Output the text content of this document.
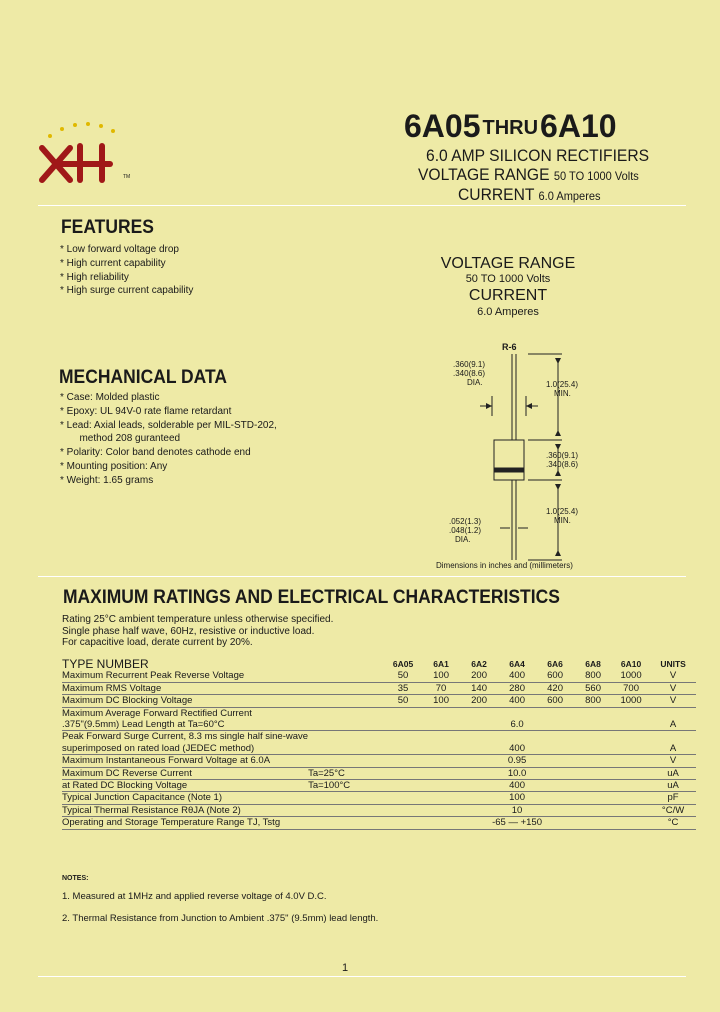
TM
6A05 THRU6A10
6.0 AMP SILICON RECTIFIERS
VOLTAGE RANGE 50 TO 1000 Volts
CURRENT 6.0 Amperes
FEATURES
* Low forward voltage drop
* High current capability
* High reliability
* High surge current capability
VOLTAGE RANGE
50 TO 1000 Volts
CURRENT
6.0 Amperes
R-6
.360(9.1)
.340(8.6)
DIA.	1.0(25.4)
MIN.
.360(9.1)
.340(8.6)
1.0(25.4)
MIN.
.052(1.3)
.048(1.2)
DIA.
Dimensions in inches and (millimeters)
MECHANICAL DATA
* Case: Molded plastic
* Epoxy: UL 94V-0 rate flame retardant
* Lead: Axial leads, solderable per MIL-STD-202,
method 208 guranteed
* Polarity: Color band denotes cathode end
* Mounting position: Any
* Weight: 1.65 grams
MAXIMUM RATINGS AND ELECTRICAL CHARACTERISTICS
Rating 25°C ambient temperature unless otherwise specified.
Single phase half wave, 60Hz, resistive or inductive load.
For capacitive load, derate current by 20%.
TYPE NUMBER		6A05	6A1	6A2	6A4	6A6	6A8	6A10	UNITS
Maximum Recurrent Peak Reverse Voltage		50	100	200	400	600	800	1000	V
Maximum RMS Voltage		35	70	140	280	420	560	700	V
Maximum DC Blocking Voltage		50	100	200	400	600	800	1000	V
Maximum Average Forward Rectified Current									
.375"(9.5mm) Lead Length at Ta=60°C		6.0							A
Peak Forward Surge Current, 8.3 ms single half sine-wave									
superimposed on rated load (JEDEC method)		400							A
Maximum Instantaneous Forward Voltage at 6.0A		0.95							V
Maximum DC Reverse Current	Ta=25°C	10.0							uA
at Rated DC Blocking Voltage	Ta=100°C	400							uA
Typical Junction Capacitance (Note 1)		100							pF
Typical Thermal Resistance RθJA (Note 2)		10							°C/W
Operating and Storage Temperature Range TJ, Tstg		-65 — +150							°C
NOTES:
1. Measured at 1MHz and applied reverse voltage of 4.0V D.C.
2. Thermal Resistance from Junction to Ambient .375" (9.5mm) lead length.
1
